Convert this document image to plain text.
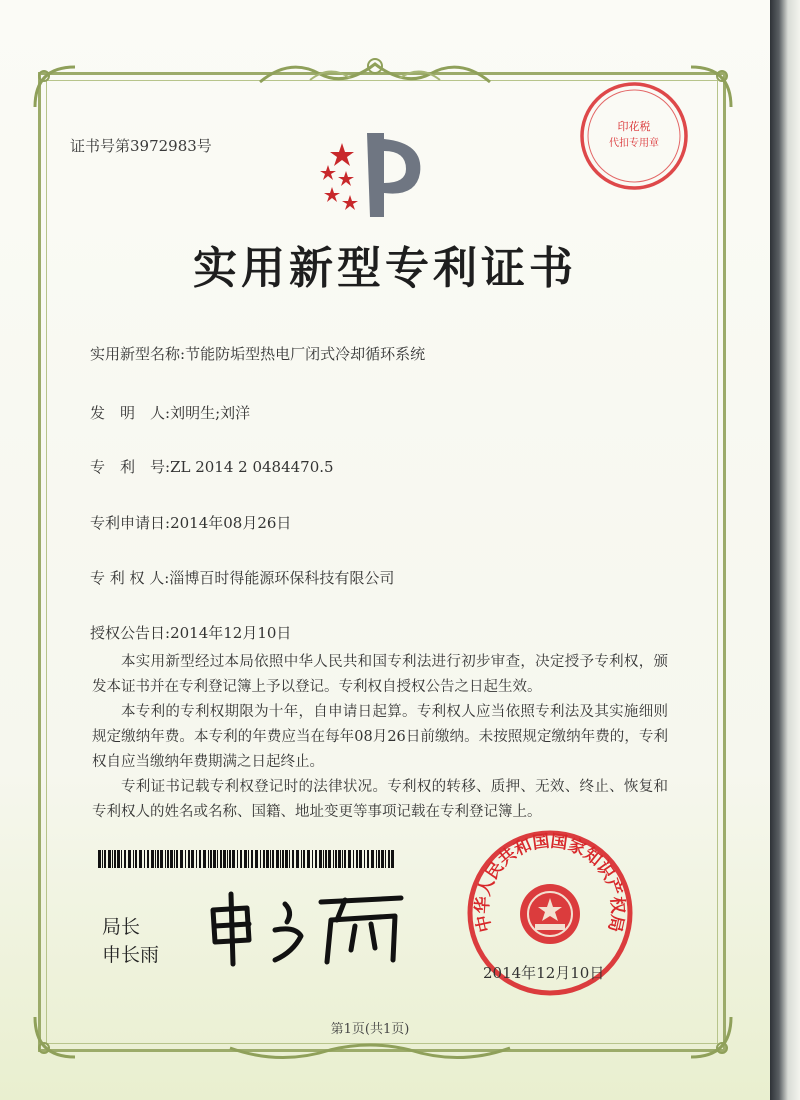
证书号第3972983号
印花税
代扣专用章
实用新型专利证书
实用新型名称:节能防垢型热电厂闭式冷却循环系统
发　明　人:刘明生;刘洋
专　利　号:ZL 2014 2 0484470.5
专利申请日:2014年08月26日
专 利 权 人:淄博百时得能源环保科技有限公司
授权公告日:2014年12月10日

本实用新型经过本局依照中华人民共和国专利法进行初步审查，决定授予专利权，颁发本证书并在专利登记簿上予以登记。专利权自授权公告之日起生效。

本专利的专利权期限为十年，自申请日起算。专利权人应当依照专利法及其实施细则规定缴纳年费。本专利的年费应当在每年08月26日前缴纳。未按照规定缴纳年费的，专利权自应当缴纳年费期满之日起终止。

专利证书记载专利权登记时的法律状况。专利权的转移、质押、无效、终止、恢复和专利权人的姓名或名称、国籍、地址变更等事项记载在专利登记簿上。

局长
申长雨
中华人民共和国国家知识产权局
2014年12月10日
第1页(共1页)
